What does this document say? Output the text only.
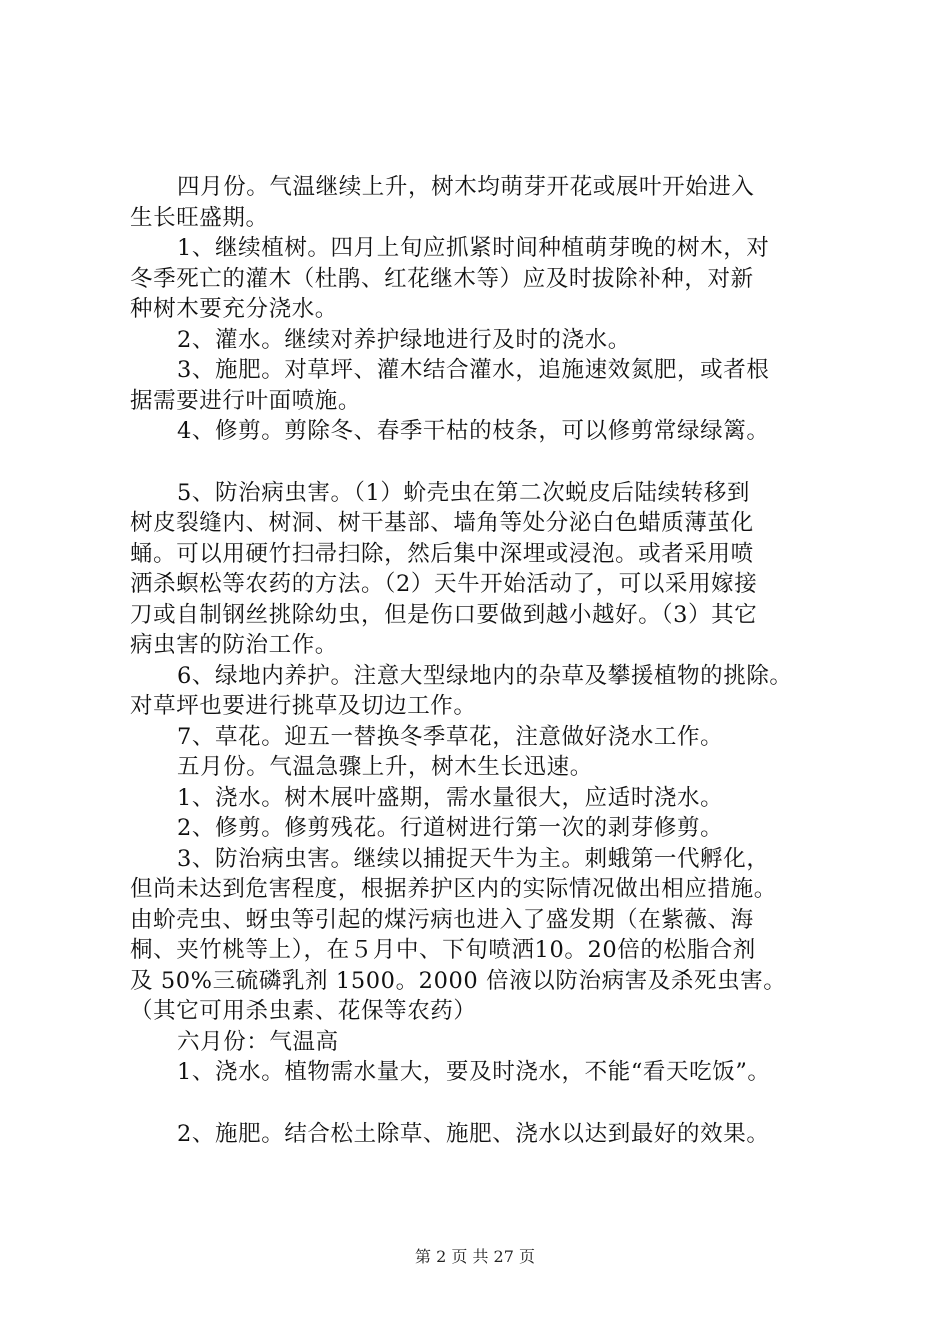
四月份。气温继续上升，树木均萌芽开花或展叶开始进入
生长旺盛期。
1、继续植树。四月上旬应抓紧时间种植萌芽晚的树木，对
冬季死亡的灌木（杜鹃、红花继木等）应及时拔除补种，对新
种树木要充分浇水。
2、灌水。继续对养护绿地进行及时的浇水。
3、施肥。对草坪、灌木结合灌水，追施速效氮肥，或者根
据需要进行叶面喷施。
4、修剪。剪除冬、春季干枯的枝条，可以修剪常绿绿篱。
5、防治病虫害。（1）蚧壳虫在第二次蜕皮后陆续转移到
树皮裂缝内、树洞、树干基部、墙角等处分泌白色蜡质薄茧化
蛹。可以用硬竹扫帚扫除，然后集中深埋或浸泡。或者采用喷
洒杀螟松等农药的方法。（2）天牛开始活动了，可以采用嫁接
刀或自制钢丝挑除幼虫，但是伤口要做到越小越好。（3）其它
病虫害的防治工作。
6、绿地内养护。注意大型绿地内的杂草及攀援植物的挑除。
对草坪也要进行挑草及切边工作。
7、草花。迎五一替换冬季草花，注意做好浇水工作。
五月份。气温急骤上升，树木生长迅速。
1、浇水。树木展叶盛期，需水量很大，应适时浇水。
2、修剪。修剪残花。行道树进行第一次的剥芽修剪。
3、防治病虫害。继续以捕捉天牛为主。刺蛾第一代孵化，
但尚未达到危害程度，根据养护区内的实际情况做出相应措施。
由蚧壳虫、蚜虫等引起的煤污病也进入了盛发期（在紫薇、海
桐、夹竹桃等上），在５月中、下旬喷洒10。20倍的松脂合剂
及 50%三硫磷乳剂 1500。2000 倍液以防治病害及杀死虫害。
（其它可用杀虫素、花保等农药）
六月份：气温高
1、浇水。植物需水量大，要及时浇水，不能“看天吃饭”。
2、施肥。结合松土除草、施肥、浇水以达到最好的效果。
第 2 页 共 27 页
